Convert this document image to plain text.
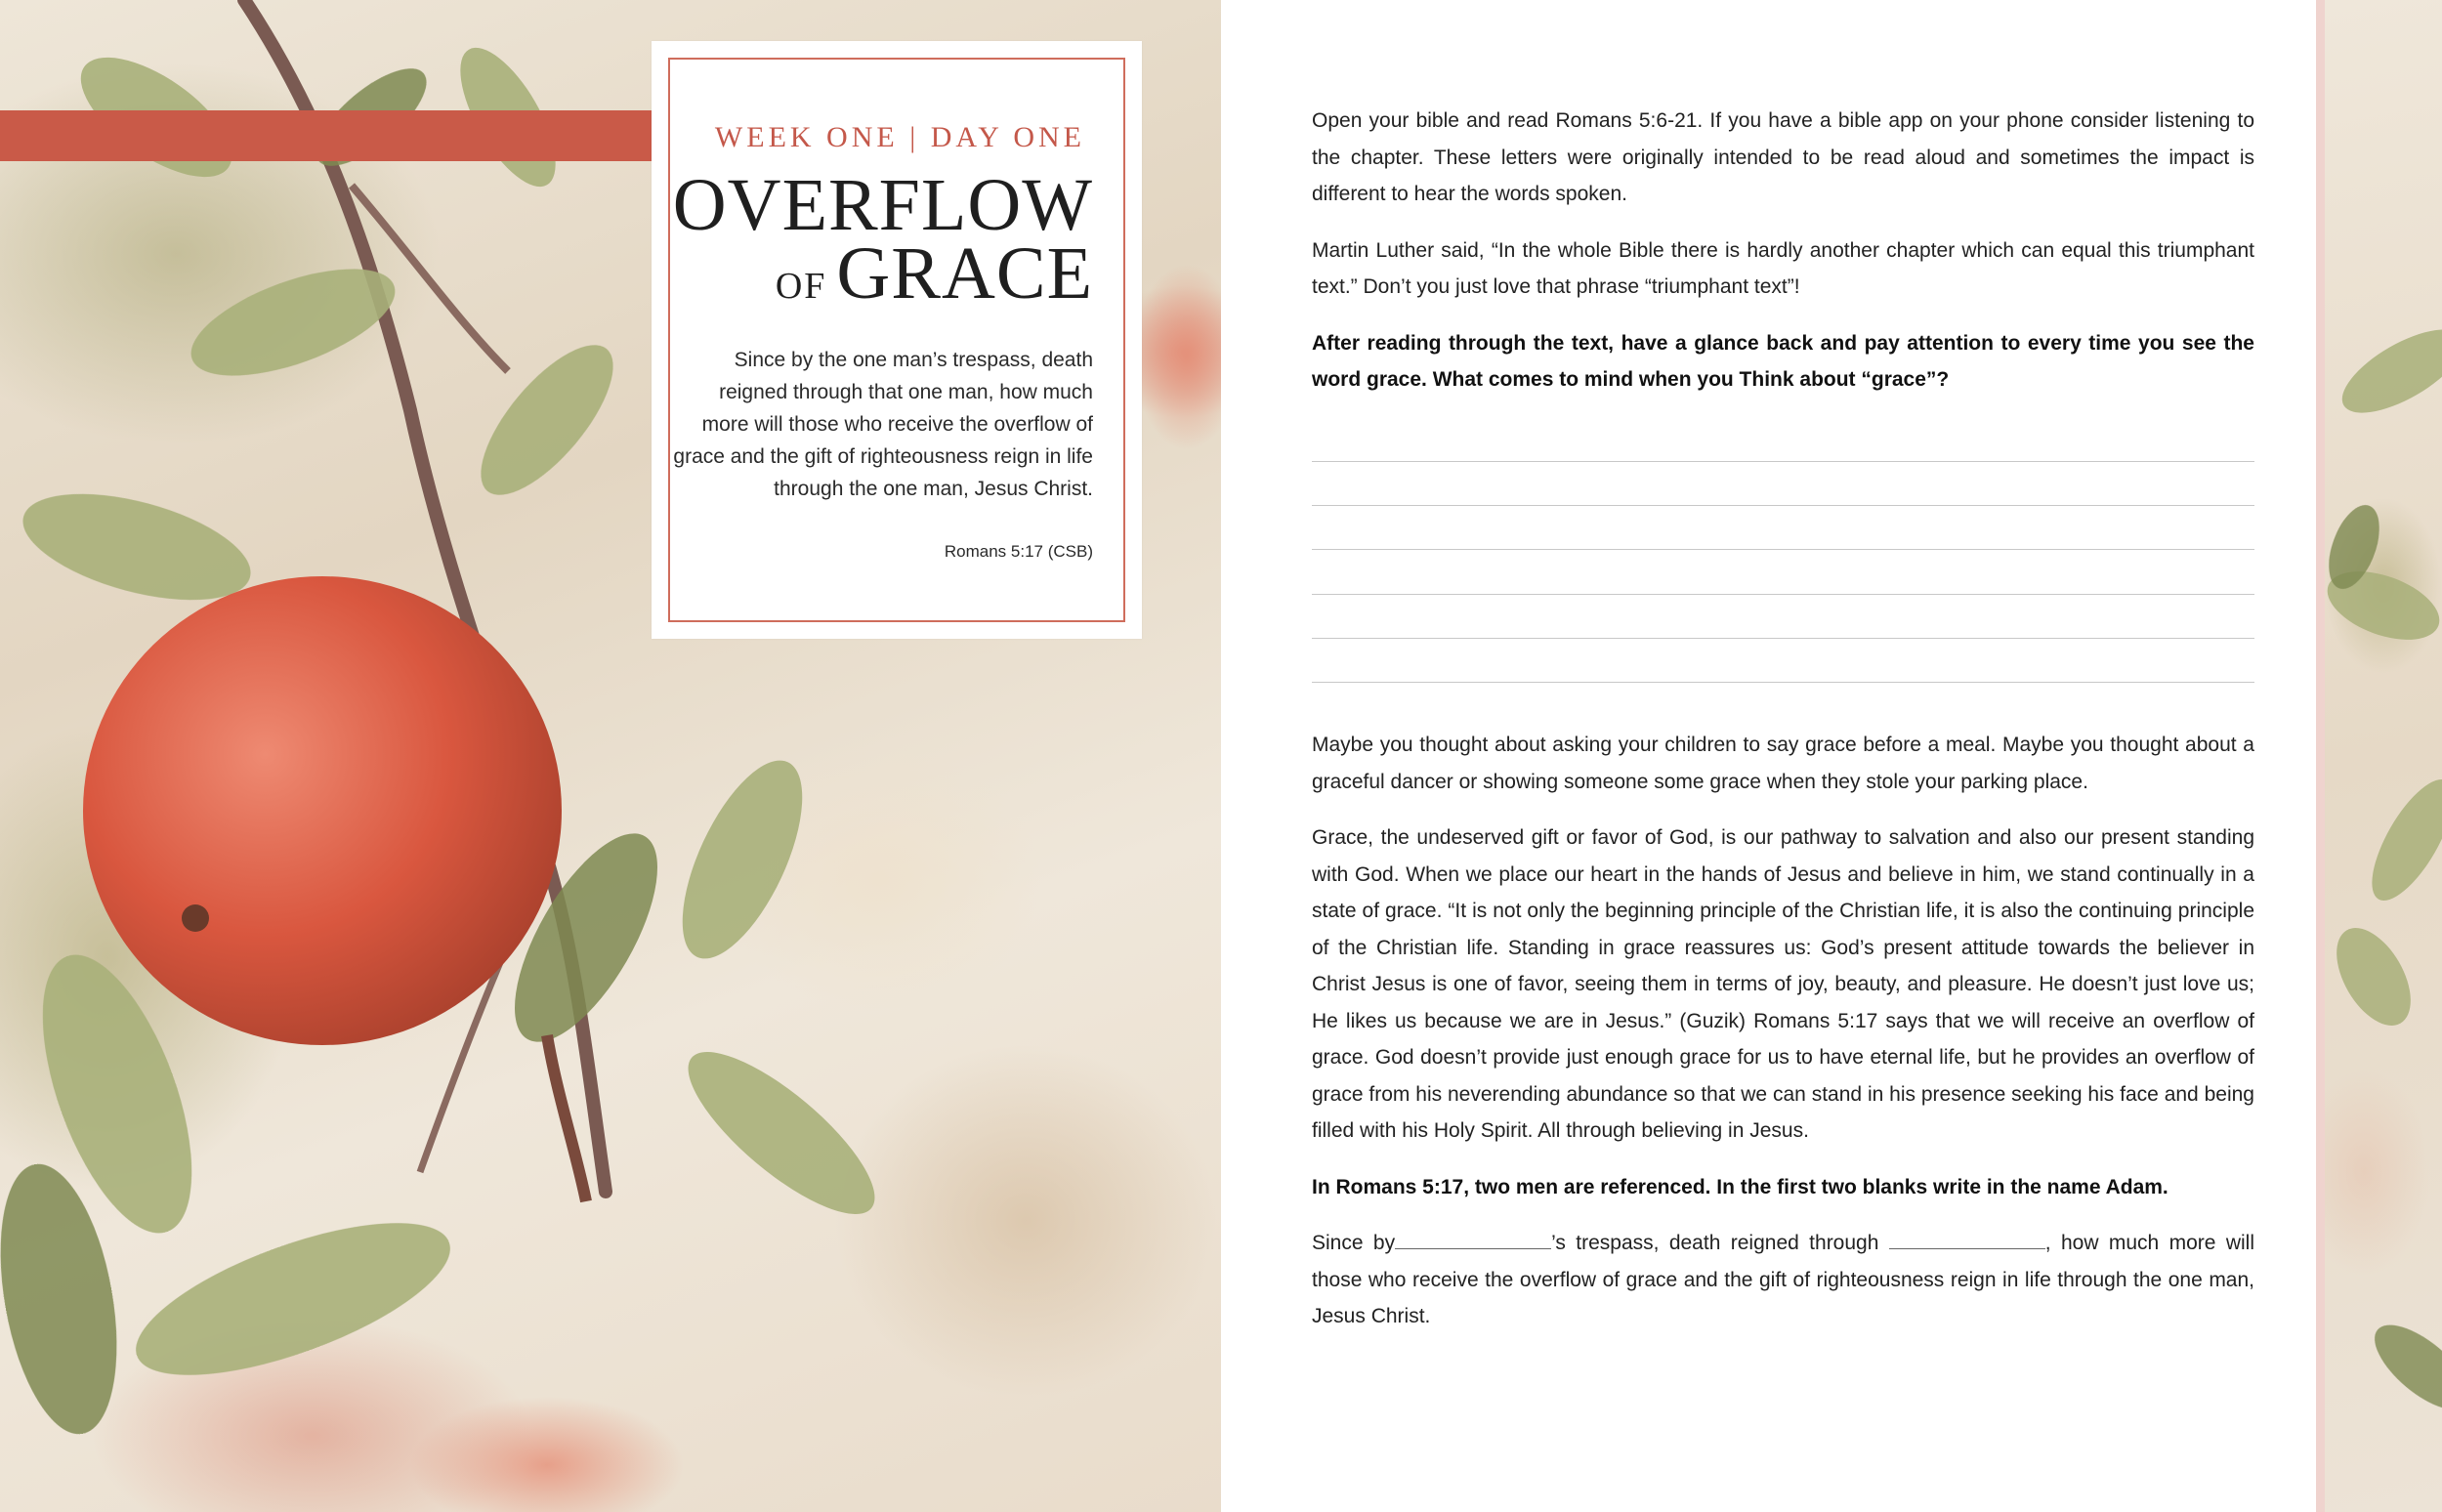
WEEK ONE | DAY ONE
OVERFLOW
OF GRACE
Since by the one man’s trespass, death reigned through that one man, how much more will those who receive the overflow of grace and the gift of righteousness reign in life through the one man, Jesus Christ.
Romans 5:17 (CSB)

Open your bible and read Romans 5:6-21. If you have a bible app on your phone consider listening to the chapter. These letters were originally intended to be read aloud and sometimes the impact is different to hear the words spoken.

Martin Luther said, “In the whole Bible there is hardly another chapter which can equal this triumphant text.” Don’t you just love that phrase “triumphant text”!

After reading through the text, have a glance back and pay attention to every time you see the word grace. What comes to mind when you Think about “grace”?

Maybe you thought about asking your children to say grace before a meal. Maybe you thought about a graceful dancer or showing someone some grace when they stole your parking place.

Grace, the undeserved gift or favor of God, is our pathway to salvation and also our present standing with God. When we place our heart in the hands of Jesus and believe in him, we stand continually in a state of grace. “It is not only the beginning principle of the Christian life, it is also the continuing principle of the Christian life. Standing in grace reassures us: God’s present attitude towards the believer in Christ Jesus is one of favor, seeing them in terms of joy, beauty, and pleasure. He doesn’t just love us; He likes us because we are in Jesus.” (Guzik) Romans 5:17 says that we will receive an overflow of grace. God doesn’t provide just enough grace for us to have eternal life, but he provides an overflow of grace from his neverending abundance so that we can stand in his presence seeking his face and being filled with his Holy Spirit. All through believing in Jesus.

In Romans 5:17, two men are referenced. In the first two blanks write in the name Adam.

Since by	’s trespass, death reigned through	, how much more will those who receive the overflow of grace and the gift of righteousness reign in life through the one man, Jesus Christ.
